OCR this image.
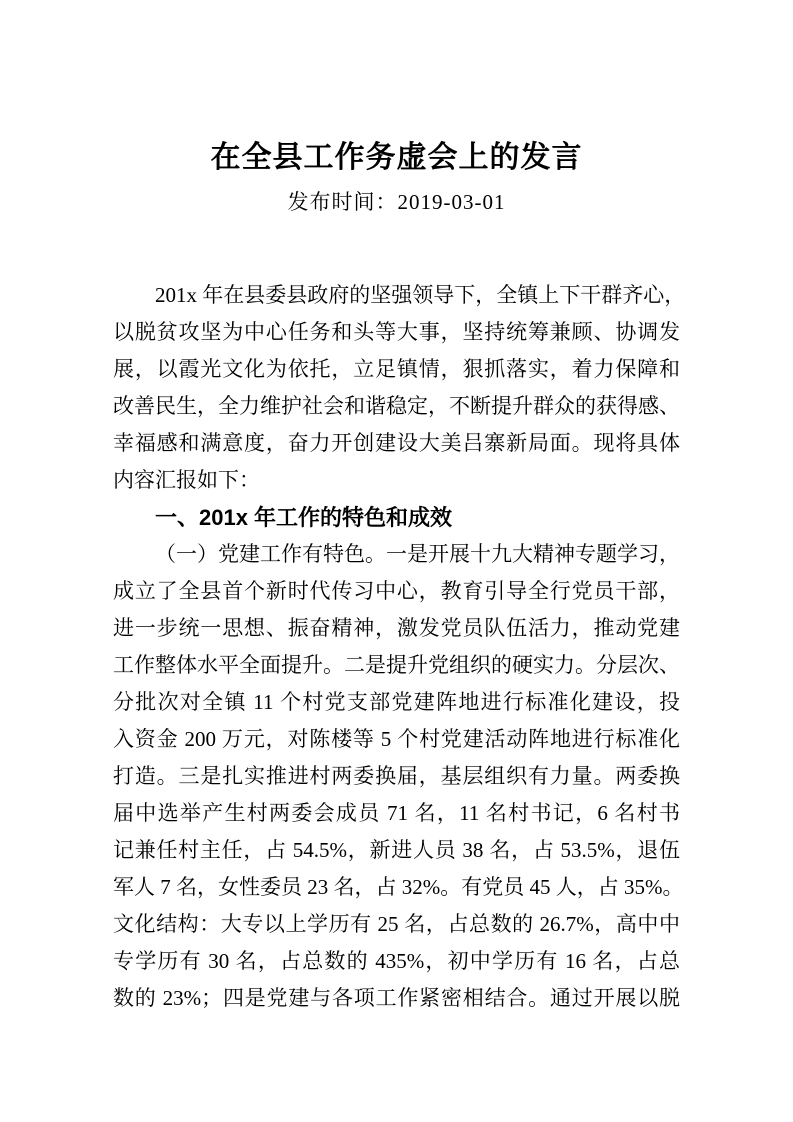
在全县工作务虚会上的发言
发布时间：2019-03-01
201x 年在县委县政府的坚强领导下，全镇上下干群齐心，
以脱贫攻坚为中心任务和头等大事，坚持统筹兼顾、协调发
展，以霞光文化为依托，立足镇情，狠抓落实，着力保障和
改善民生，全力维护社会和谐稳定，不断提升群众的获得感、
幸福感和满意度，奋力开创建设大美吕寨新局面。现将具体
内容汇报如下：
一、201x 年工作的特色和成效
（一）党建工作有特色。一是开展十九大精神专题学习，
成立了全县首个新时代传习中心，教育引导全行党员干部，
进一步统一思想、振奋精神，激发党员队伍活力，推动党建
工作整体水平全面提升。二是提升党组织的硬实力。分层次、
分批次对全镇 11 个村党支部党建阵地进行标准化建设，投
入资金 200 万元，对陈楼等 5 个村党建活动阵地进行标准化
打造。三是扎实推进村两委换届，基层组织有力量。两委换
届中选举产生村两委会成员 71 名，11 名村书记，6 名村书
记兼任村主任，占 54.5%，新进人员 38 名，占 53.5%，退伍
军人 7 名，女性委员 23 名，占 32%。有党员 45 人，占 35%。
文化结构：大专以上学历有 25 名，占总数的 26.7%，高中中
专学历有 30 名，占总数的 435%，初中学历有 16 名，占总
数的 23%；四是党建与各项工作紧密相结合。通过开展以脱
